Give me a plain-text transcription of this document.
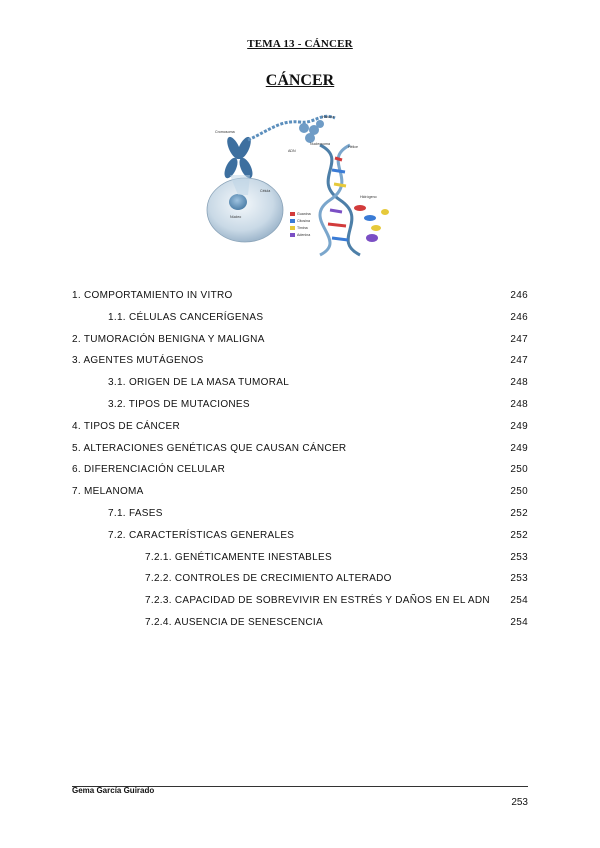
TEMA 13 - CÁNCER
CÁNCER
Cromosoma
Histona
Nucleosoma
ADN
Hélice
Célula
Núcleo
Hidrógeno
Guanina
Citosina
Timina
Adenina
1. COMPORTAMIENTO IN VITRO	246
1.1. CÉLULAS CANCERÍGENAS	246
2. TUMORACIÓN BENIGNA Y MALIGNA	247
3. AGENTES MUTÁGENOS	247
3.1. ORIGEN DE LA MASA TUMORAL	248
3.2. TIPOS DE MUTACIONES	248
4. TIPOS DE CÁNCER	249
5. ALTERACIONES GENÉTICAS QUE CAUSAN CÁNCER	249
6. DIFERENCIACIÓN CELULAR	250
7. MELANOMA	250
7.1. FASES	252
7.2. CARACTERÍSTICAS GENERALES	252
7.2.1. GENÉTICAMENTE INESTABLES	253
7.2.2. CONTROLES DE CRECIMIENTO ALTERADO	253
7.2.3. CAPACIDAD DE SOBREVIVIR EN ESTRÉS Y DAÑOS EN EL ADN 254
7.2.4. AUSENCIA DE SENESCENCIA	254
Gema García Guirado
253
